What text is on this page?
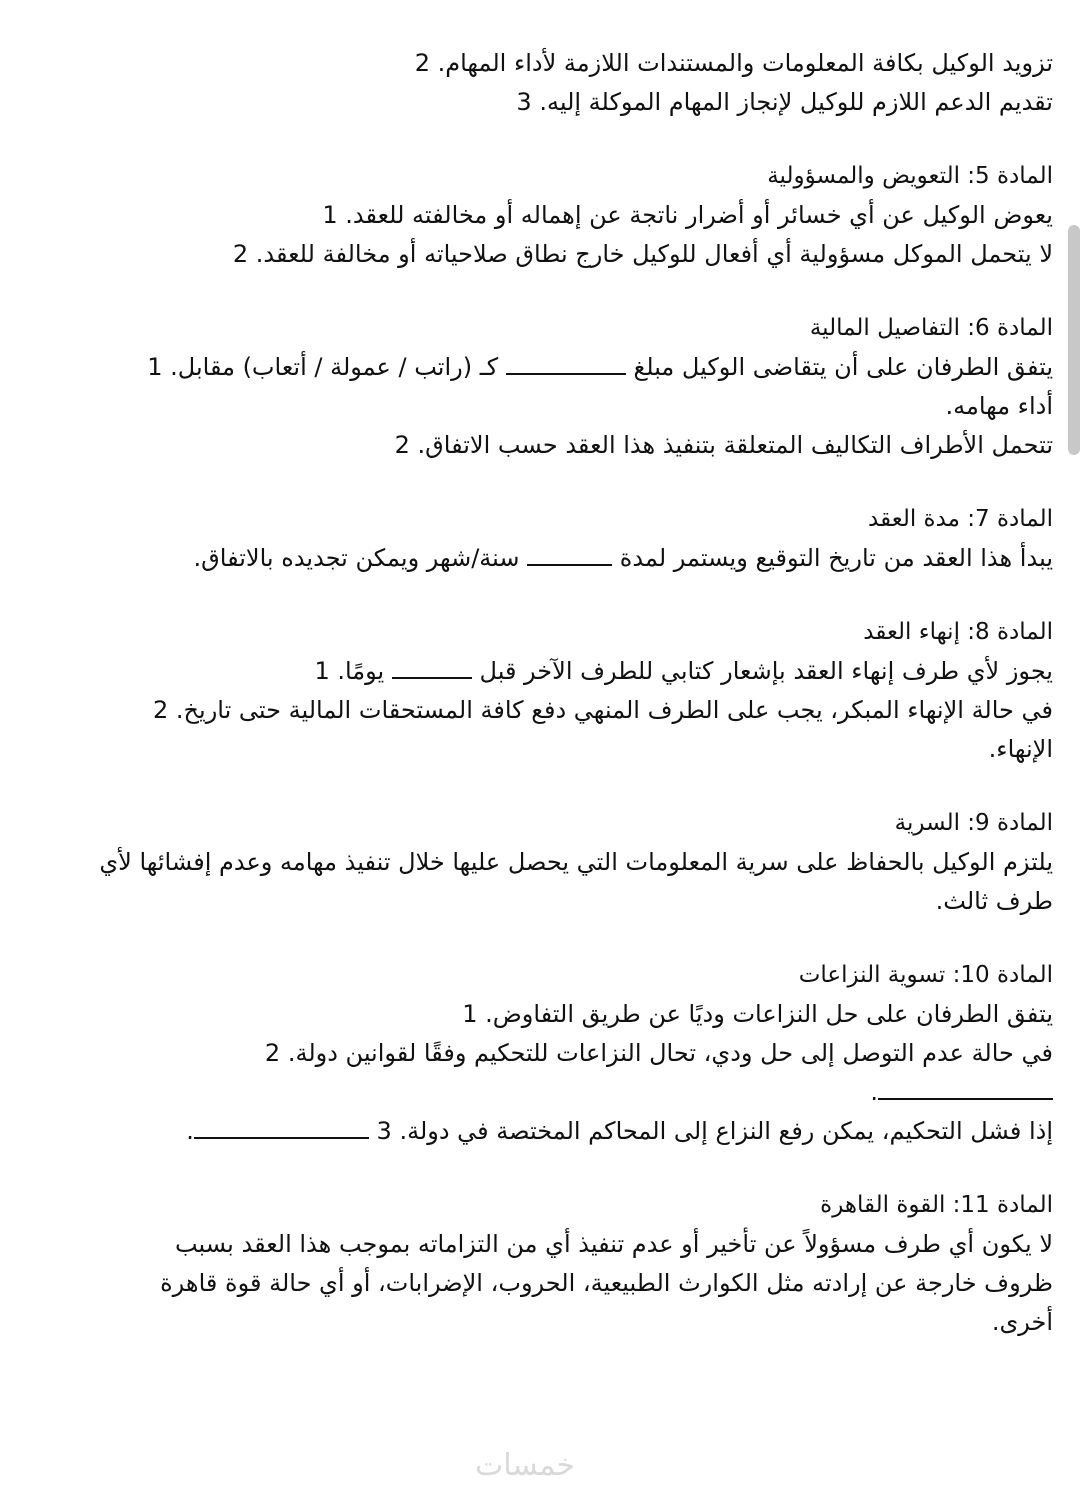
تزويد الوكيل بكافة المعلومات والمستندات اللازمة لأداء المهام. 2
تقديم الدعم اللازم للوكيل لإنجاز المهام الموكلة إليه. 3
المادة 5: التعويض والمسؤولية
يعوض الوكيل عن أي خسائر أو أضرار ناتجة عن إهماله أو مخالفته للعقد. 1
لا يتحمل الموكل مسؤولية أي أفعال للوكيل خارج نطاق صلاحياته أو مخالفة للعقد. 2
المادة 6: التفاصيل المالية
يتفق الطرفان على أن يتقاضى الوكيل مبلغ  كـ (راتب / عمولة / أتعاب) مقابل. 1
أداء مهامه.
تتحمل الأطراف التكاليف المتعلقة بتنفيذ هذا العقد حسب الاتفاق. 2
المادة 7: مدة العقد
يبدأ هذا العقد من تاريخ التوقيع ويستمر لمدة  سنة/شهر ويمكن تجديده بالاتفاق.
المادة 8: إنهاء العقد
يجوز لأي طرف إنهاء العقد بإشعار كتابي للطرف الآخر قبل  يومًا. 1
في حالة الإنهاء المبكر، يجب على الطرف المنهي دفع كافة المستحقات المالية حتى تاريخ. 2
الإنهاء.
المادة 9: السرية
يلتزم الوكيل بالحفاظ على سرية المعلومات التي يحصل عليها خلال تنفيذ مهامه وعدم إفشائها لأي
طرف ثالث.
المادة 10: تسوية النزاعات
يتفق الطرفان على حل النزاعات وديًا عن طريق التفاوض. 1
في حالة عدم التوصل إلى حل ودي، تحال النزاعات للتحكيم وفقًا لقوانين دولة. 2
.
إذا فشل التحكيم، يمكن رفع النزاع إلى المحاكم المختصة في دولة. 3 .
المادة 11: القوة القاهرة
لا يكون أي طرف مسؤولاً عن تأخير أو عدم تنفيذ أي من التزاماته بموجب هذا العقد بسبب
ظروف خارجة عن إرادته مثل الكوارث الطبيعية، الحروب، الإضرابات، أو أي حالة قوة قاهرة
أخرى.
خمسات
